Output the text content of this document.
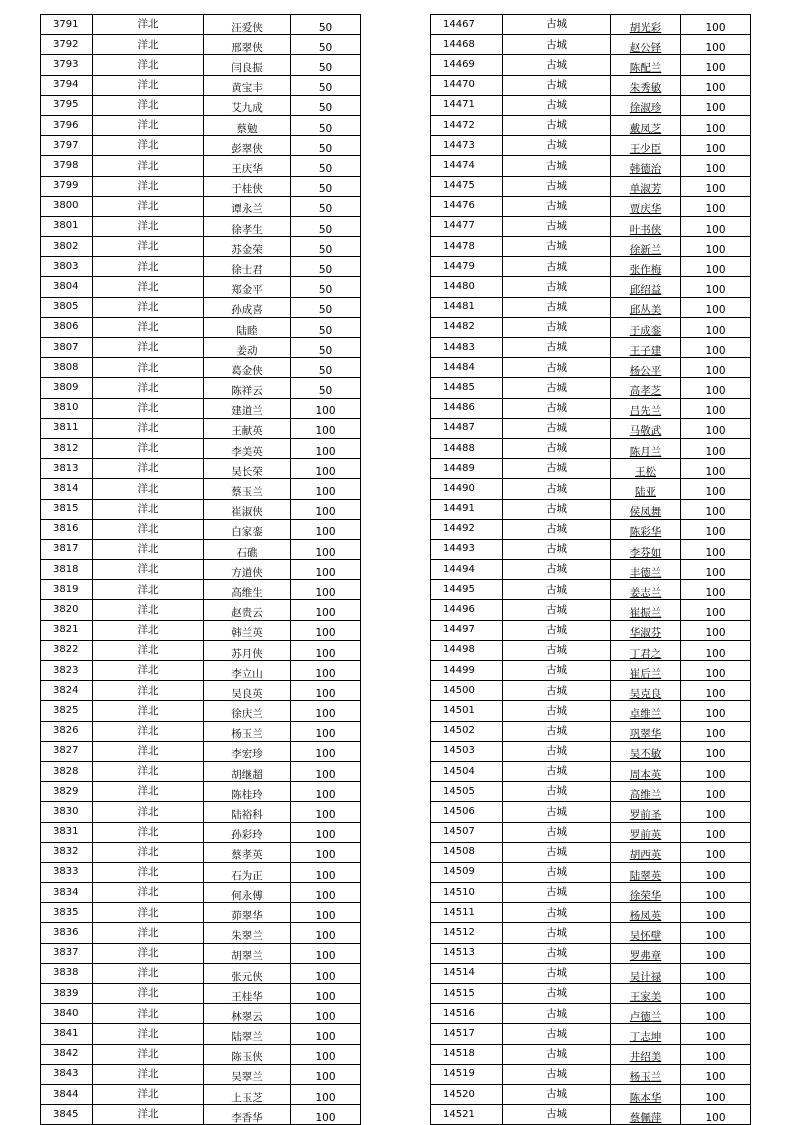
3791	洋北	汪爱侠	50
3792	洋北	邢翠侠	50
3793	洋北	闫良振	50
3794	洋北	黄宝丰	50
3795	洋北	艾九成	50
3796	洋北	蔡勉	50
3797	洋北	彭翠侠	50
3798	洋北	王庆华	50
3799	洋北	于桂侠	50
3800	洋北	谭永兰	50
3801	洋北	徐孝生	50
3802	洋北	苏金荣	50
3803	洋北	徐士君	50
3804	洋北	郑金平	50
3805	洋北	孙成喜	50
3806	洋北	陆睦	50
3807	洋北	姜动	50
3808	洋北	葛金侠	50
3809	洋北	陈祥云	50
3810	洋北	建道兰	100
3811	洋北	王献英	100
3812	洋北	李美英	100
3813	洋北	吴长荣	100
3814	洋北	蔡玉兰	100
3815	洋北	崔淑侠	100
3816	洋北	白家銮	100
3817	洋北	石礁	100
3818	洋北	方道侠	100
3819	洋北	高维生	100
3820	洋北	赵贵云	100
3821	洋北	韩兰英	100
3822	洋北	苏月侠	100
3823	洋北	李立山	100
3824	洋北	吴良英	100
3825	洋北	徐庆兰	100
3826	洋北	杨玉兰	100
3827	洋北	李宏珍	100
3828	洋北	胡继超	100
3829	洋北	陈桂玲	100
3830	洋北	陆裕科	100
3831	洋北	孙彩玲	100
3832	洋北	蔡孝英	100
3833	洋北	石为正	100
3834	洋北	何永傅	100
3835	洋北	茆翠华	100
3836	洋北	朱翠兰	100
3837	洋北	胡翠兰	100
3838	洋北	张元侠	100
3839	洋北	王桂华	100
3840	洋北	林翠云	100
3841	洋北	陆翠兰	100
3842	洋北	陈玉侠	100
3843	洋北	吴翠兰	100
3844	洋北	上玉芝	100
3845	洋北	李香华	100
14467	古城	胡光彩	100
14468	古城	赵公铎	100
14469	古城	陈配兰	100
14470	古城	朱秀敏	100
14471	古城	徐淑珍	100
14472	古城	戴凤芝	100
14473	古城	王少臣	100
14474	古城	韩德治	100
14475	古城	单淑芳	100
14476	古城	贾庆华	100
14477	古城	叶书侠	100
14478	古城	徐新兰	100
14479	古城	张作梅	100
14480	古城	邱绍益	100
14481	古城	邱丛美	100
14482	古城	于成銮	100
14483	古城	王子建	100
14484	古城	杨公平	100
14485	古城	高孝芝	100
14486	古城	吕先兰	100
14487	古城	马敬武	100
14488	古城	陈月兰	100
14489	古城	王松	100
14490	古城	陆亚	100
14491	古城	侯凤舞	100
14492	古城	陈彩华	100
14493	古城	李芬如	100
14494	古城	丰德兰	100
14495	古城	姜志兰	100
14496	古城	崔振兰	100
14497	古城	华淑芬	100
14498	古城	丁君之	100
14499	古城	崔后兰	100
14500	古城	吴克良	100
14501	古城	卓维兰	100
14502	古城	巩翠华	100
14503	古城	吴丕敏	100
14504	古城	周本英	100
14505	古城	高维兰	100
14506	古城	罗前圣	100
14507	古城	罗前英	100
14508	古城	胡西英	100
14509	古城	陆翠英	100
14510	古城	徐荣华	100
14511	古城	杨凤英	100
14512	古城	吴怀壁	100
14513	古城	罗弗章	100
14514	古城	吴计禄	100
14515	古城	王家美	100
14516	古城	卢德兰	100
14517	古城	丁志坤	100
14518	古城	井绍美	100
14519	古城	杨玉兰	100
14520	古城	陈本华	100
14521	古城	蔡佩萍	100
